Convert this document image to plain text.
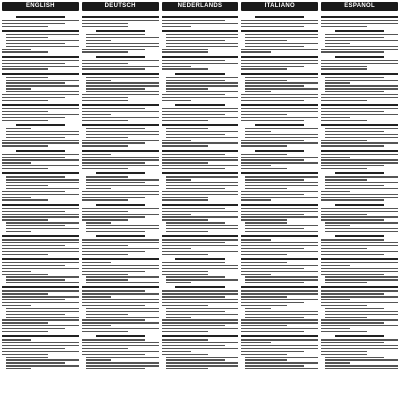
ENGLISH	DEUTSCH	NEDERLANDS	ITALIANO	ESPAÑOL
